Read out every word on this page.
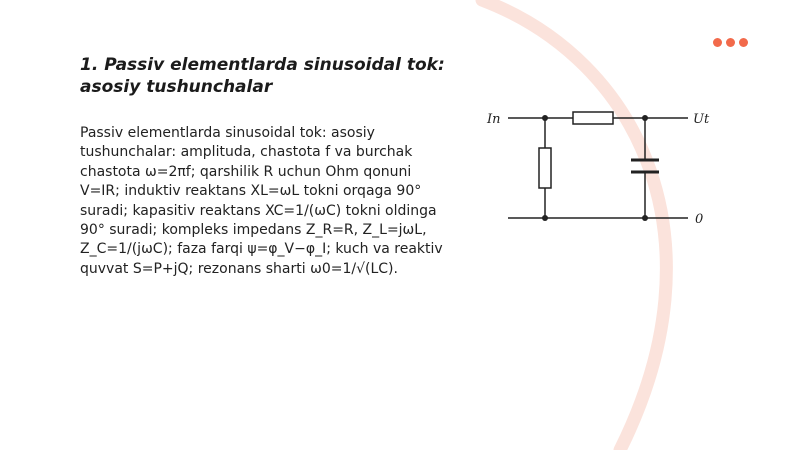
1. Passiv elementlarda sinusoidal tok: asosiy tushunchalar

Passiv elementlarda sinusoidal tok: asosiy tushunchalar: amplituda, chastota f va burchak chastota ω=2πf; qarshilik R uchun Ohm qonuni V=IR; induktiv reaktans XL=ωL tokni orqaga 90° suradi; kapasitiv reaktans XC=1/(ωC) tokni oldinga 90° suradi; kompleks impedans Z_R=R, Z_L=jωL, Z_C=1/(jωC); faza farqi ψ=φ_V−φ_I; kuch va reaktiv quvvat S=P+jQ; rezonans sharti ω0=1/√(LC).

In	Ut
0
